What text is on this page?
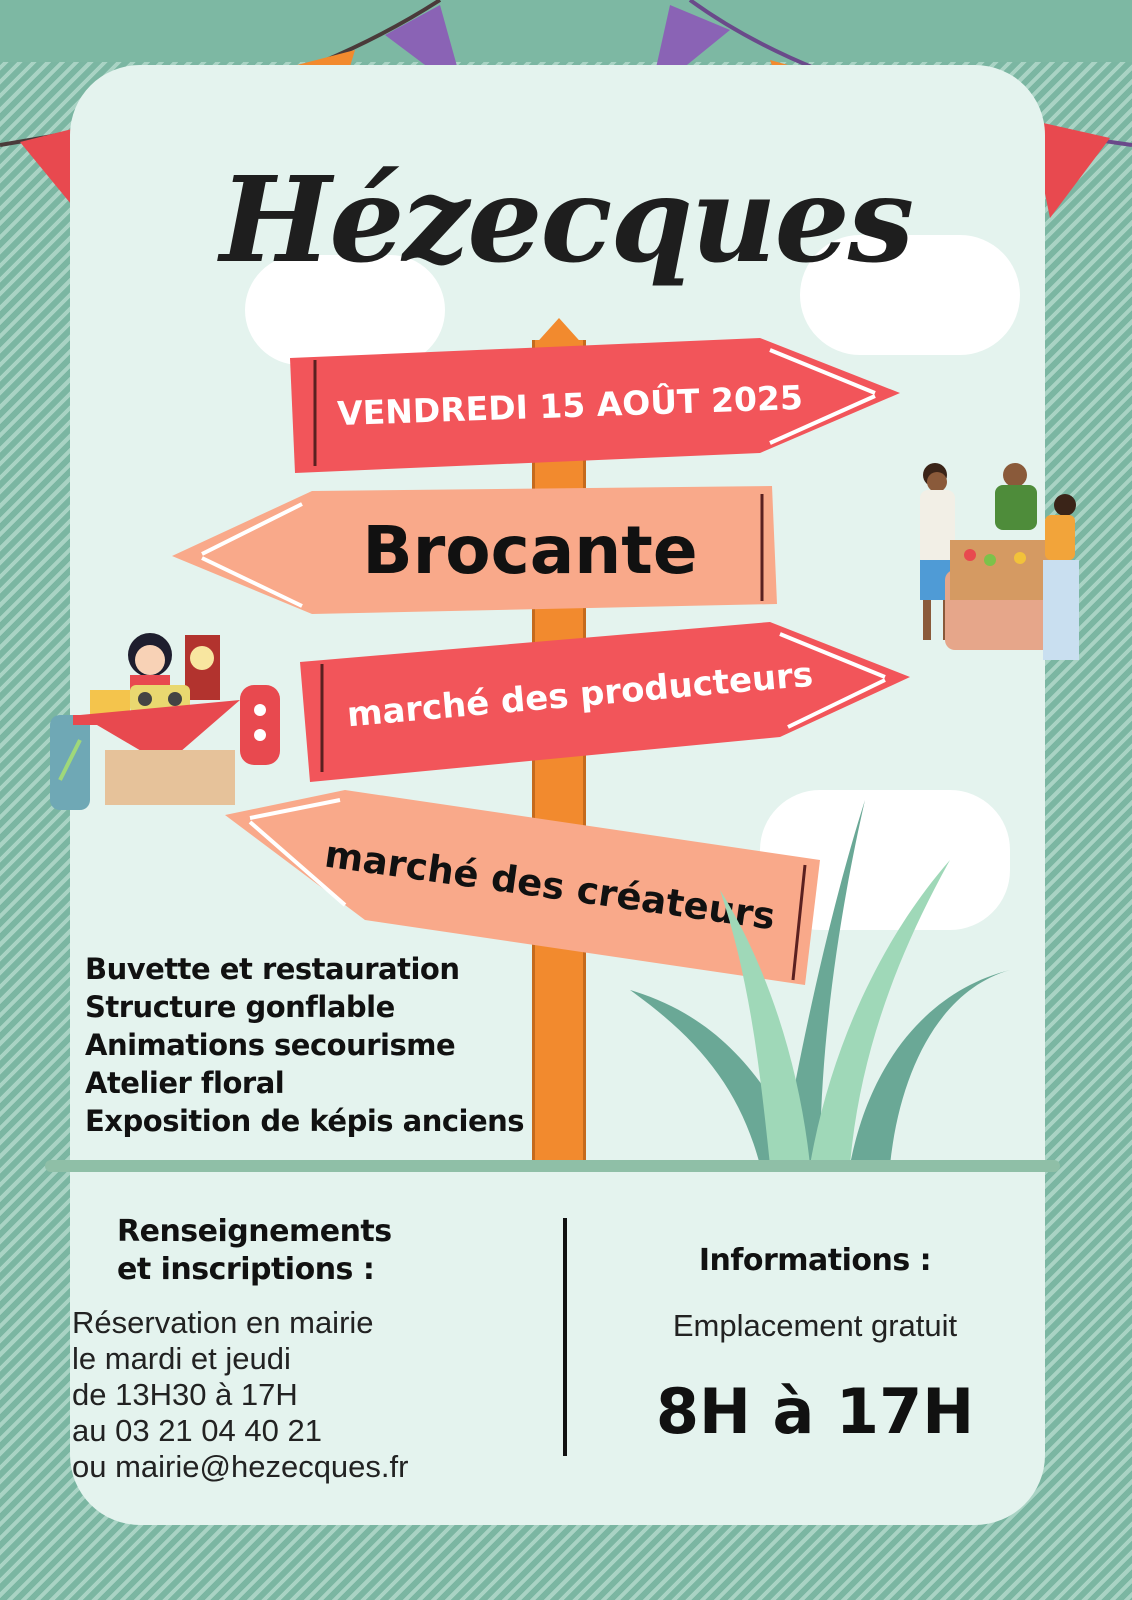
Hézecques
VENDREDI 15 AOÛT 2025
Brocante
marché des producteurs
marché des créateurs
Buvette et restauration
Structure gonflable
Animations secourisme
Atelier floral
Exposition de képis anciens
Renseignements
et inscriptions :
Réservation en mairie
le mardi et jeudi
de 13H30 à 17H
au 03 21 04 40 21
ou mairie@hezecques.fr
Informations :
Emplacement gratuit
8H à 17H
